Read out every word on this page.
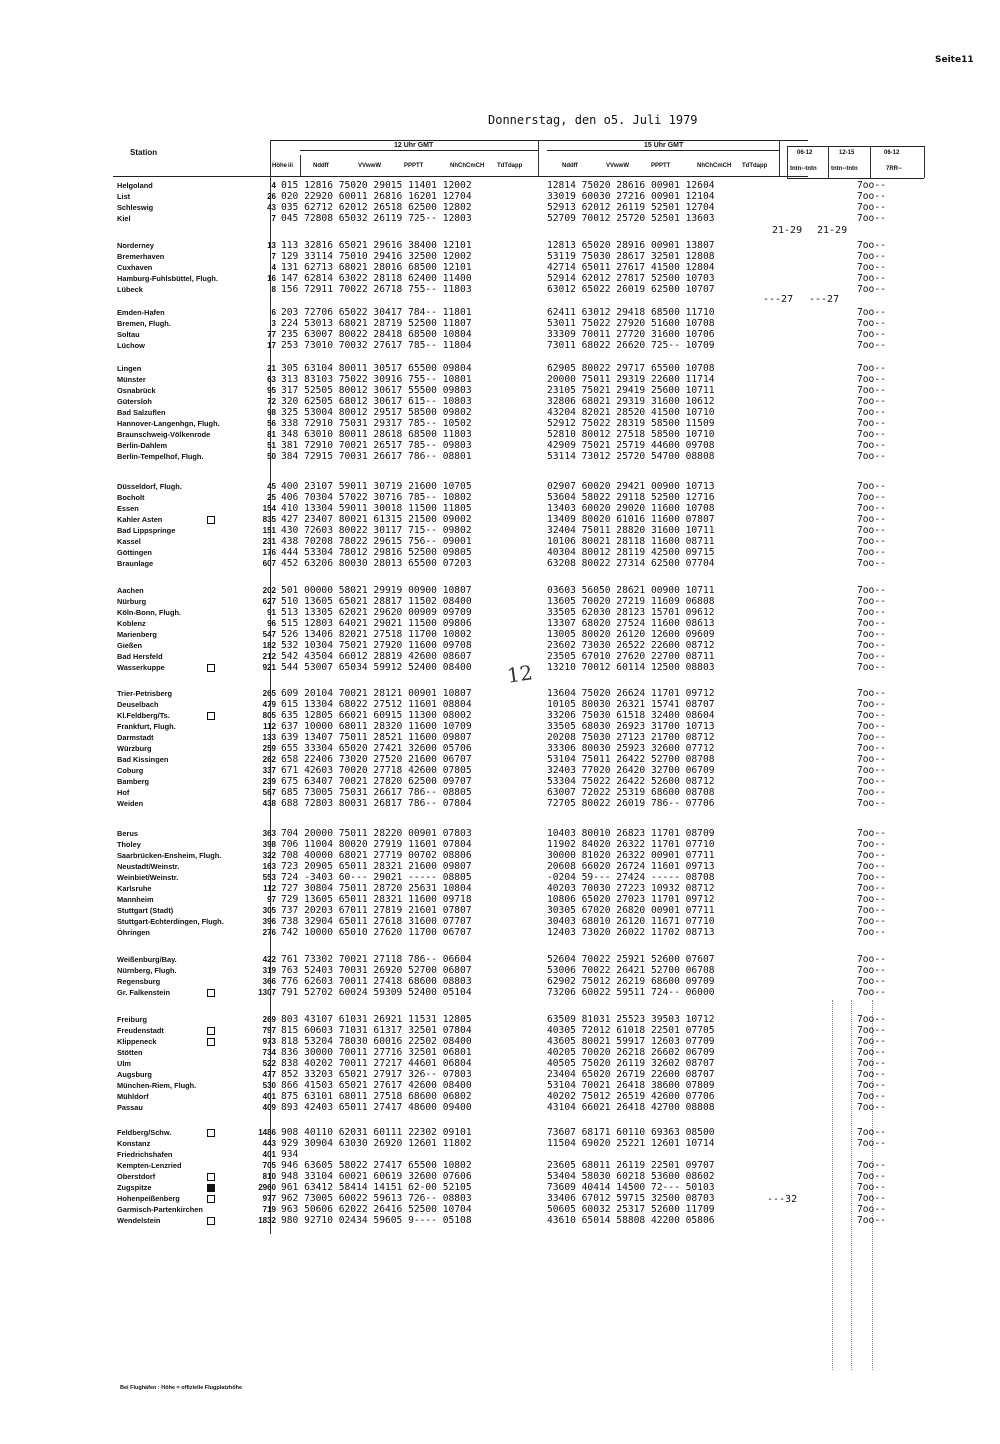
Seite11
Donnerstag, den o5. Juli 1979
Station
Höhe iii
12 Uhr GMT	15 Uhr GMT
Nddff	VVwwW	PPPTT	NhChCmCH TdTdapp	Nddff	VVwwW	PPPTT	NhChCmCH TdTdapp
06-12
tntn--tntn
12-15
tntn--tntn
06-12
7RR--
Helgoland	4 015 12816 75020 29015 11401 12002	12814 75020 28616 00901 12604	7oo--
List	26 020 22920 60011 26816 16201 12704	33019 60030 27216 00901 12104	7oo--
Schleswig	43 035 62712 62012 26518 62500 12802	52913 62012 26119 52501 12704	7oo--
Kiel	7 045 72808 65032 26119 725-- 12803	52709 70012 25720 52501 13603	7oo--
Norderney	13 113 32816 65021 29616 38400 12101	12813 65020 28916 00901 13807	7oo--
Bremerhaven	7 129 33114 75010 29416 32500 12002	53119 75030 28617 32501 12808	7oo--
Cuxhaven	4 131 62713 68021 28016 68500 12101	42714 65011 27617 41500 12804	7oo--
Hamburg-Fuhlsbüttel, Flugh.	16 147 62814 63022 28118 62400 11400	52914 62012 27817 52500 10703	7oo--
Lübeck	8 156 72911 70022 26718 755-- 11803	63012 65022 26019 62500 10707	7oo--
Emden-Hafen	6 203 72706 65022 30417 784-- 11801	62411 63012 29418 68500 11710	7oo--
Bremen, Flugh.	3 224 53013 68021 28719 52500 11807	53011 75022 27920 51600 10708	7oo--
Soltau	77 235 63007 80022 28418 68500 10804	33309 70011 27720 31600 10706	7oo--
Lüchow	17 253 73010 70032 27617 785-- 11804	73011 68022 26620 725-- 10709	7oo--
Lingen	21 305 63104 80011 30517 65500 09804	62905 80022 29717 65500 10708	7oo--
Münster	63 313 83103 75022 30916 755-- 10801	20000 75011 29319 22600 11714	7oo--
Osnabrück	95 317 52505 80012 30617 55500 09803	23105 75021 29419 25600 10711	7oo--
Gütersloh	72 320 62505 68012 30617 615-- 10803	32806 68021 29319 31600 10612	7oo--
Bad Salzuflen	98 325 53004 80012 29517 58500 09802	43204 82021 28520 41500 10710	7oo--
Hannover-Langenhgn, Flugh.	56 338 72910 75031 29317 785-- 10502	52912 75022 28319 58500 11509	7oo--
Braunschweig-Völkenrode	81 348 63010 80011 28618 68500 11803	52810 80012 27518 58500 10710	7oo--
Berlin-Dahlem	51 381 72910 70021 26517 785-- 09803	42909 75021 25719 44600 09708	7oo--
Berlin-Tempelhof, Flugh.	50 384 72915 70031 26617 786-- 08801	53114 73012 25720 54700 08808	7oo--
Düsseldorf, Flugh.	45 400 23107 59011 30719 21600 10705	02907 60020 29421 00900 10713	7oo--
Bocholt	25 406 70304 57022 30716 785-- 10802	53604 58022 29118 52500 12716	7oo--
Essen	154 410 13304 59011 30018 11500 11805	13403 60020 29020 11600 10708	7oo--
Kahler Asten	835 427 23407 80021 61315 21500 09002	13409 80020 61016 11600 07807	7oo--
Bad Lippspringe	151 430 72603 80022 30117 715-- 09802	32404 75011 28820 31600 10711	7oo--
Kassel	231 438 70208 78022 29615 756-- 09001	10106 80021 28118 11600 08711	7oo--
Göttingen	176 444 53304 78012 29816 52500 09805	40304 80012 28119 42500 09715	7oo--
Braunlage	607 452 63206 80030 28013 65500 07203	63208 80022 27314 62500 07704	7oo--
Aachen	202 501 00000 58021 29919 00900 10807	03603 56050 28621 00900 10711	7oo--
Nürburg	627 510 13605 65021 28817 11502 08400	13605 70020 27219 11609 06808	7oo--
Köln-Bonn, Flugh.	91 513 13305 62021 29620 00909 09709	33505 62030 28123 15701 09612	7oo--
Koblenz	96 515 12803 64021 29021 11500 09806	13307 68020 27524 11600 08613	7oo--
Marienberg	547 526 13406 82021 27518 11700 10802	13005 80020 26120 12600 09609	7oo--
Gießen	182 532 10304 75021 27920 11600 09708	23602 73030 26522 22600 08712	7oo--
Bad Hersfeld	212 542 43504 66012 28819 42600 08607	23505 67010 27620 22700 08711	7oo--
Wasserkuppe	921 544 53007 65034 59912 52400 08400	13210 70012 60114 12500 08803	7oo--
Trier-Petrisberg	265 609 20104 70021 28121 00901 10807	13604 75020 26624 11701 09712	7oo--
Deuselbach	479 615 13304 68022 27512 11601 08804	10105 80030 26321 15741 08707	7oo--
Kl.Feldberg/Ts.	805 635 12805 66021 60915 11300 08002	33206 75030 61518 32400 08604	7oo--
Frankfurt, Flugh.	112 637 10000 68011 28320 11600 10709	33505 68030 26923 31700 10713	7oo--
Darmstadt	133 639 13407 75011 28521 11600 09807	20208 75030 27123 21700 08712	7oo--
Würzburg	259 655 33304 65020 27421 32600 05706	33306 80030 25923 32600 07712	7oo--
Bad Kissingen	262 658 22406 73020 27520 21600 06707	53104 75011 26422 52700 08708	7oo--
Coburg	337 671 42603 70020 27718 42600 07805	32403 77020 26420 32700 06709	7oo--
Bamberg	239 675 63407 70021 27820 62500 09707	53304 75022 26422 52600 08712	7oo--
Hof	567 685 73005 75031 26617 786-- 08805	63007 72022 25319 68600 08708	7oo--
Weiden	438 688 72803 80031 26817 786-- 07804	72705 80022 26019 786-- 07706	7oo--
Berus	363 704 20000 75011 28220 00901 07803	10403 80010 26823 11701 08709	7oo--
Tholey	398 706 11004 80020 27919 11601 07804	11902 84020 26322 11701 07710	7oo--
Saarbrücken-Ensheim, Flugh.	322 708 40000 68021 27719 00702 08806	30000 81020 26322 00901 07711	7oo--
Neustadt/Weinstr.	163 723 20905 65011 28321 21600 09807	20608 66020 26724 11601 09713	7oo--
Weinbiet/Weinstr.	553 724 -3403 60--- 29021 ----- 08805	-0204 59--- 27424 ----- 08708	7oo--
Karlsruhe	112 727 30804 75011 28720 25631 10804	40203 70030 27223 10932 08712	7oo--
Mannheim	97 729 13605 65011 28321 11600 09718	10806 65020 27023 11701 09712	7oo--
Stuttgart (Stadt)	305 737 20203 67011 27819 21601 07807	30305 67020 26820 00901 07711	7oo--
Stuttgart-Echterdingen, Flugh.	396 738 32904 65011 27618 31600 07707	30403 68010 26120 11671 07710	7oo--
Öhringen	276 742 10000 65010 27620 11700 06707	12403 73020 26022 11702 08713	7oo--
Weißenburg/Bay.	422 761 73302 70021 27118 786-- 06604	52604 70022 25921 52600 07607	7oo--
Nürnberg, Flugh.	319 763 52403 70031 26920 52700 06807	53006 70022 26421 52700 06708	7oo--
Regensburg	366 776 62603 70011 27418 68600 08803	62902 75012 26219 68600 09709	7oo--
Gr. Falkenstein	1307 791 52702 60024 59309 52400 05104	73206 60022 59511 724-- 06000	7oo--
Freiburg	269 803 43107 61031 26921 11531 12805	63509 81031 25523 39503 10712	7oo--
Freudenstadt	797 815 60603 71031 61317 32501 07804	40305 72012 61018 22501 07705	7oo--
Klippeneck	973 818 53204 78030 60016 22502 08400	43605 80021 59917 12603 07709	7oo--
Stötten	734 836 30000 70011 27716 32501 06801	40205 70020 26218 26602 06709	7oo--
Ulm	522 838 40202 70011 27217 44601 06804	40505 75020 26119 32602 08707	7oo--
Augsburg	477 852 33203 65021 27917 326-- 07803	23404 65020 26719 22600 08707	7oo--
München-Riem, Flugh.	530 866 41503 65021 27617 42600 08400	53104 70021 26418 38600 07809	7oo--
Mühldorf	401 875 63101 68011 27518 68600 06802	40202 75012 26519 42600 07706	7oo--
Passau	409 893 42403 65011 27417 48600 09400	43104 66021 26418 42700 08808	7oo--
Feldberg/Schw.	1486 908 40110 62031 60111 22302 09101	73607 68171 60110 69363 08500	7oo--
Konstanz	443 929 30904 63030 26920 12601 11802	11504 69020 25221 12601 10714	7oo--
Friedrichshafen	401 934
Kempten-Lenzried	705 946 63605 58022 27417 65500 10802	23605 68011 26119 22501 09707	7oo--
Oberstdorf	810 948 33104 60021 60619 32600 07606	53404 58030 60218 53600 08602	7oo--
Zugspitze	2960 961 63412 58414 14151 62-00 52105	73609 40414 14500 72--- 50103	7oo--
Hohenpeißenberg	977 962 73005 60022 59613 726-- 08803	33406 67012 59715 32500 08703	7oo--
Garmisch-Partenkirchen	719 963 50606 62022 26416 52500 10704	50605 60032 25317 52600 11709	7oo--
Wendelstein	1832 980 92710 02434 59605 9---- 05108	43610 65014 58808 42200 05806	7oo--
21-29 21-29
---27 ---27
---32
12
Bei Flughäfen : Höhe = offizielle Flugplatzhöhe
